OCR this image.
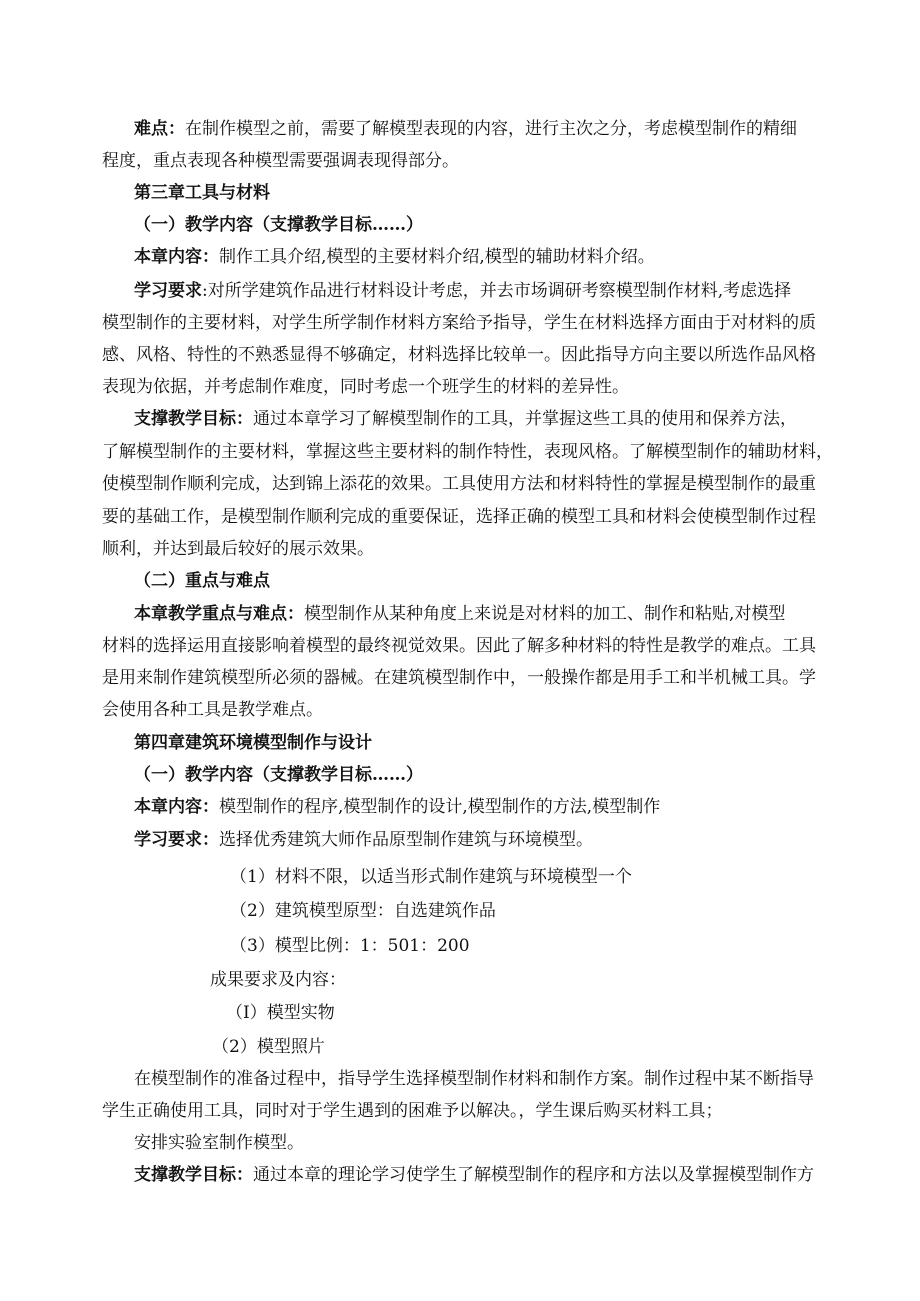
难点：在制作模型之前，需要了解模型表现的内容，进行主次之分，考虑模型制作的精细
程度，重点表现各种模型需要强调表现得部分。
第三章工具与材料
（一）教学内容（支撑教学目标……）
本章内容：制作工具介绍,模型的主要材料介绍,模型的辅助材料介绍。
学习要求:对所学建筑作品进行材料设计考虑，并去市场调研考察模型制作材料,考虑选择
模型制作的主要材料，对学生所学制作材料方案给予指导，学生在材料选择方面由于对材料的质
感、风格、特性的不熟悉显得不够确定，材料选择比较单一。因此指导方向主要以所选作品风格
表现为依据，并考虑制作难度，同时考虑一个班学生的材料的差异性。
支撑教学目标：通过本章学习了解模型制作的工具，并掌握这些工具的使用和保养方法，
了解模型制作的主要材料，掌握这些主要材料的制作特性，表现风格。了解模型制作的辅助材料，
使模型制作顺利完成，达到锦上添花的效果。工具使用方法和材料特性的掌握是模型制作的最重
要的基础工作，是模型制作顺利完成的重要保证，选择正确的模型工具和材料会使模型制作过程
顺利，并达到最后较好的展示效果。
（二）重点与难点
本章教学重点与难点：模型制作从某种角度上来说是对材料的加工、制作和粘贴,对模型
材料的选择运用直接影响着模型的最终视觉效果。因此了解多种材料的特性是教学的难点。工具
是用来制作建筑模型所必须的器械。在建筑模型制作中，一般操作都是用手工和半机械工具。学
会使用各种工具是教学难点。
第四章建筑环境模型制作与设计
（一）教学内容（支撑教学目标……）
本章内容：模型制作的程序,模型制作的设计,模型制作的方法,模型制作
学习要求：选择优秀建筑大师作品原型制作建筑与环境模型。
（1）材料不限，以适当形式制作建筑与环境模型一个
（2）建筑模型原型：自选建筑作品
（3）模型比例：1：501：200
成果要求及内容：
（I）模型实物
（2）模型照片
在模型制作的准备过程中，指导学生选择模型制作材料和制作方案。制作过程中某不断指导
学生正确使用工具，同时对于学生遇到的困难予以解决。，学生课后购买材料工具；
安排实验室制作模型。
支撑教学目标：通过本章的理论学习使学生了解模型制作的程序和方法以及掌握模型制作方
